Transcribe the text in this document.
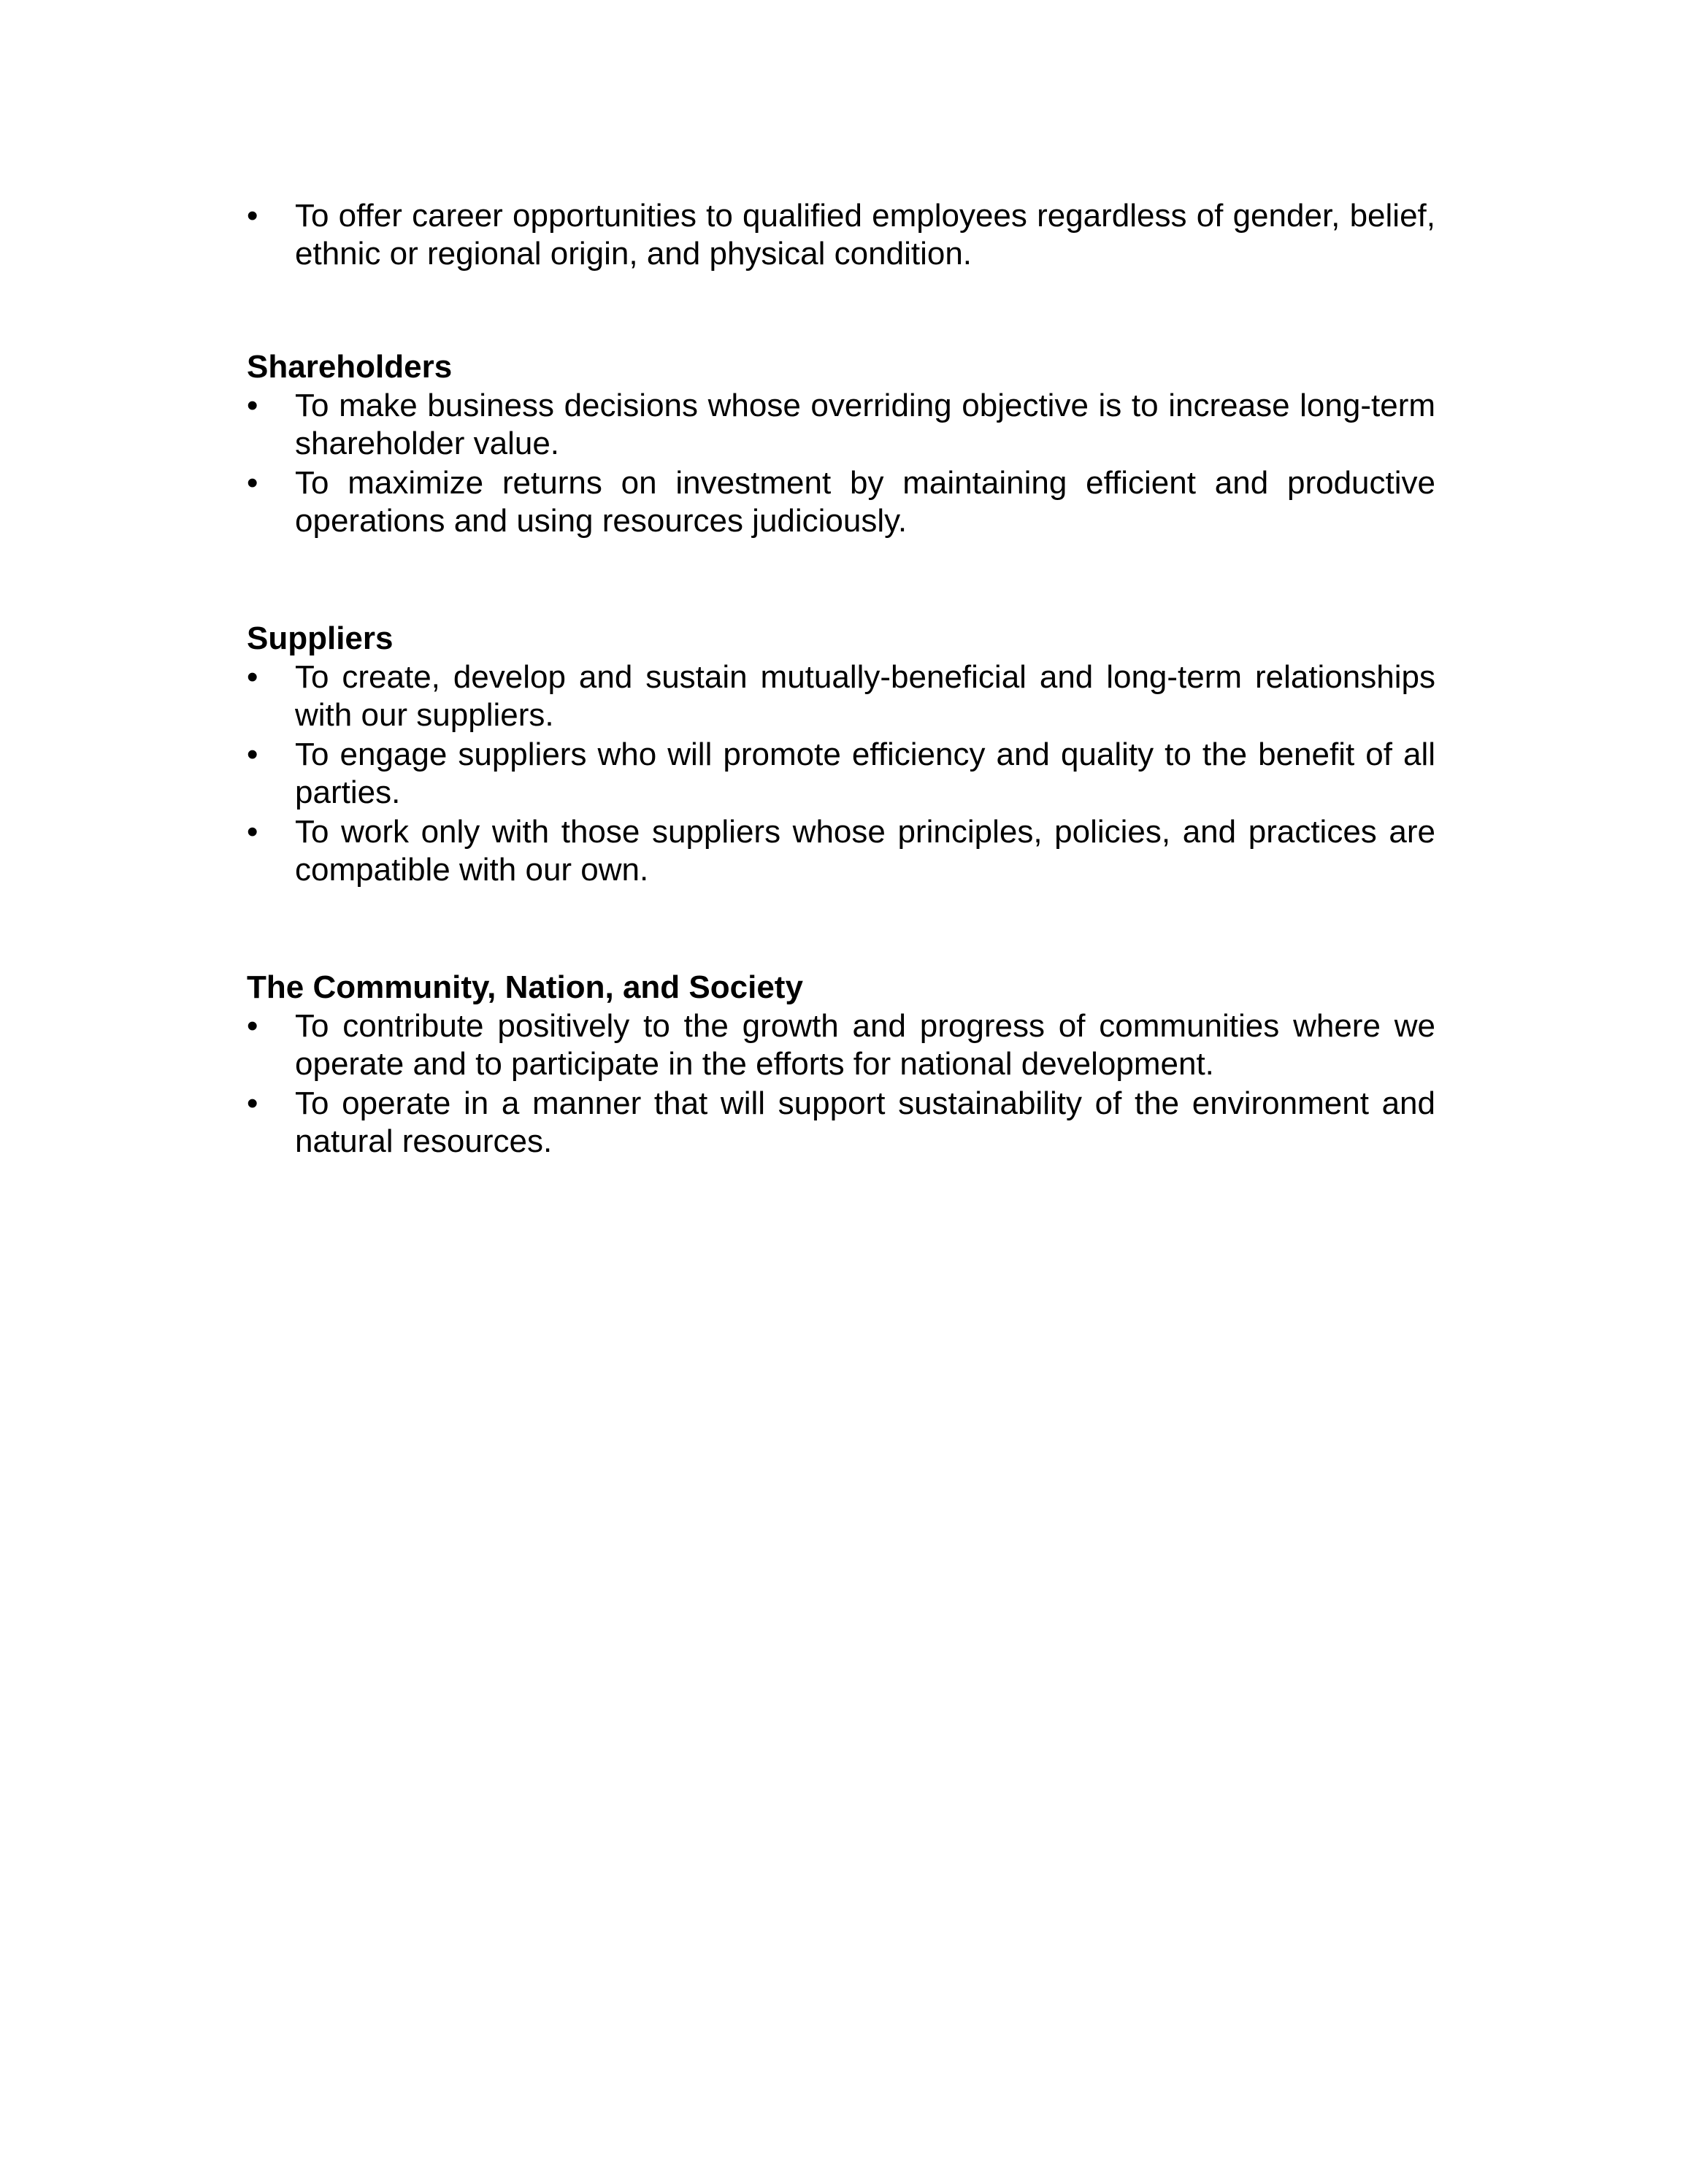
•	To offer career opportunities to qualified employees regardless of gender, belief, ethnic or regional origin, and physical condition.

Shareholders

•	To make business decisions whose overriding objective is to increase long-term shareholder value.
•	To maximize returns on investment by maintaining efficient and productive operations and using resources judiciously.

Suppliers

•	To create, develop and sustain mutually-beneficial and long-term relationships with our suppliers.
•	To engage suppliers who will promote efficiency and quality to the benefit of all parties.
•	To work only with those suppliers whose principles, policies, and practices are compatible with our own.

The Community, Nation, and Society

•	To contribute positively to the growth and progress of communities where we operate and to participate in the efforts for national development.
•	To operate in a manner that will support sustainability of the environment and natural resources.
